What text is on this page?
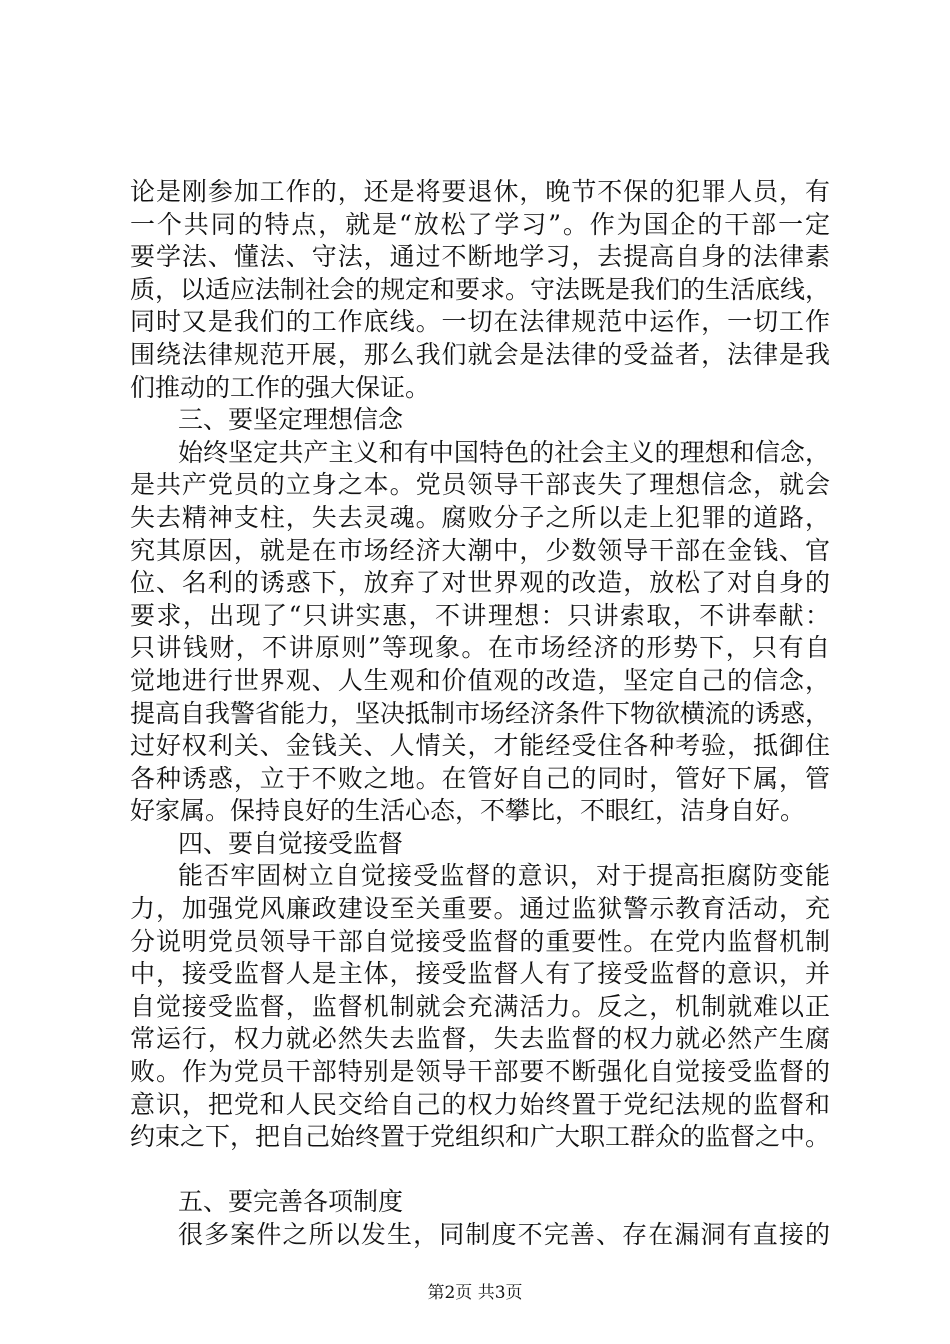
论是刚参加工作的，还是将要退休，晚节不保的犯罪人员，有
一个共同的特点，就是“放松了学习”。作为国企的干部一定
要学法、懂法、守法，通过不断地学习，去提高自身的法律素
质，以适应法制社会的规定和要求。守法既是我们的生活底线，
同时又是我们的工作底线。一切在法律规范中运作，一切工作
围绕法律规范开展，那么我们就会是法律的受益者，法律是我
们推动的工作的强大保证。
三、要坚定理想信念
始终坚定共产主义和有中国特色的社会主义的理想和信念，
是共产党员的立身之本。党员领导干部丧失了理想信念，就会
失去精神支柱，失去灵魂。腐败分子之所以走上犯罪的道路，
究其原因，就是在市场经济大潮中，少数领导干部在金钱、官
位、名利的诱惑下，放弃了对世界观的改造，放松了对自身的
要求，出现了“只讲实惠，不讲理想：只讲索取，不讲奉献：
只讲钱财，不讲原则”等现象。在市场经济的形势下，只有自
觉地进行世界观、人生观和价值观的改造，坚定自己的信念，
提高自我警省能力，坚决抵制市场经济条件下物欲横流的诱惑，
过好权利关、金钱关、人情关，才能经受住各种考验，抵御住
各种诱惑，立于不败之地。在管好自己的同时，管好下属，管
好家属。保持良好的生活心态，不攀比，不眼红，洁身自好。
四、要自觉接受监督
能否牢固树立自觉接受监督的意识，对于提高拒腐防变能
力，加强党风廉政建设至关重要。通过监狱警示教育活动，充
分说明党员领导干部自觉接受监督的重要性。在党内监督机制
中，接受监督人是主体，接受监督人有了接受监督的意识，并
自觉接受监督，监督机制就会充满活力。反之，机制就难以正
常运行，权力就必然失去监督，失去监督的权力就必然产生腐
败。作为党员干部特别是领导干部要不断强化自觉接受监督的
意识，把党和人民交给自己的权力始终置于党纪法规的监督和
约束之下，把自己始终置于党组织和广大职工群众的监督之中。
五、要完善各项制度
很多案件之所以发生，同制度不完善、存在漏洞有直接的
第2页 共3页
